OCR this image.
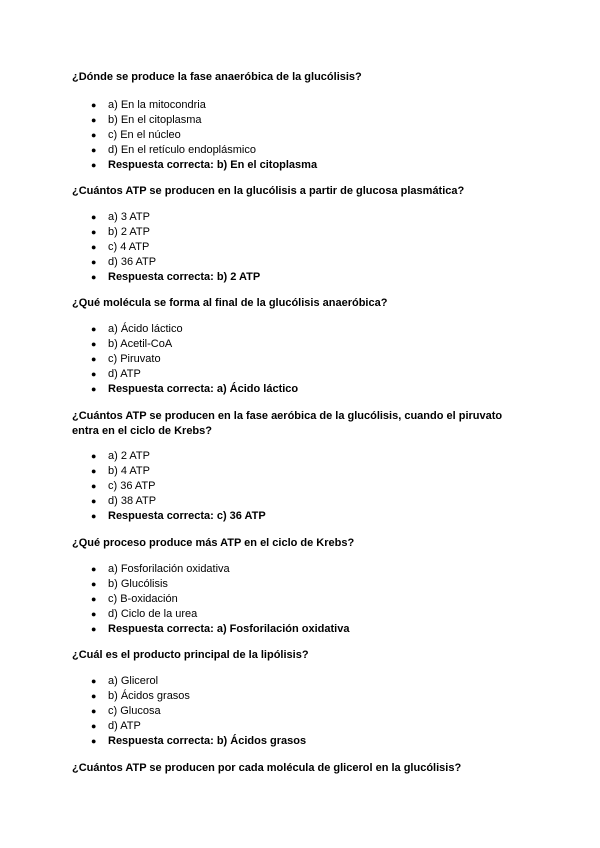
¿Dónde se produce la fase anaeróbica de la glucólisis?

● a) En la mitocondria
● b) En el citoplasma
● c) En el núcleo
● d) En el retículo endoplásmico
● Respuesta correcta: b) En el citoplasma

¿Cuántos ATP se producen en la glucólisis a partir de glucosa plasmática?

● a) 3 ATP
● b) 2 ATP
● c) 4 ATP
● d) 36 ATP
● Respuesta correcta: b) 2 ATP

¿Qué molécula se forma al final de la glucólisis anaeróbica?

● a) Ácido láctico
● b) Acetil-CoA
● c) Piruvato
● d) ATP
● Respuesta correcta: a) Ácido láctico

¿Cuántos ATP se producen en la fase aeróbica de la glucólisis, cuando el piruvato entra en el ciclo de Krebs?

● a) 2 ATP
● b) 4 ATP
● c) 36 ATP
● d) 38 ATP
● Respuesta correcta: c) 36 ATP

¿Qué proceso produce más ATP en el ciclo de Krebs?

● a) Fosforilación oxidativa
● b) Glucólisis
● c) B-oxidación
● d) Ciclo de la urea
● Respuesta correcta: a) Fosforilación oxidativa

¿Cuál es el producto principal de la lipólisis?

● a) Glicerol
● b) Ácidos grasos
● c) Glucosa
● d) ATP
● Respuesta correcta: b) Ácidos grasos

¿Cuántos ATP se producen por cada molécula de glicerol en la glucólisis?
